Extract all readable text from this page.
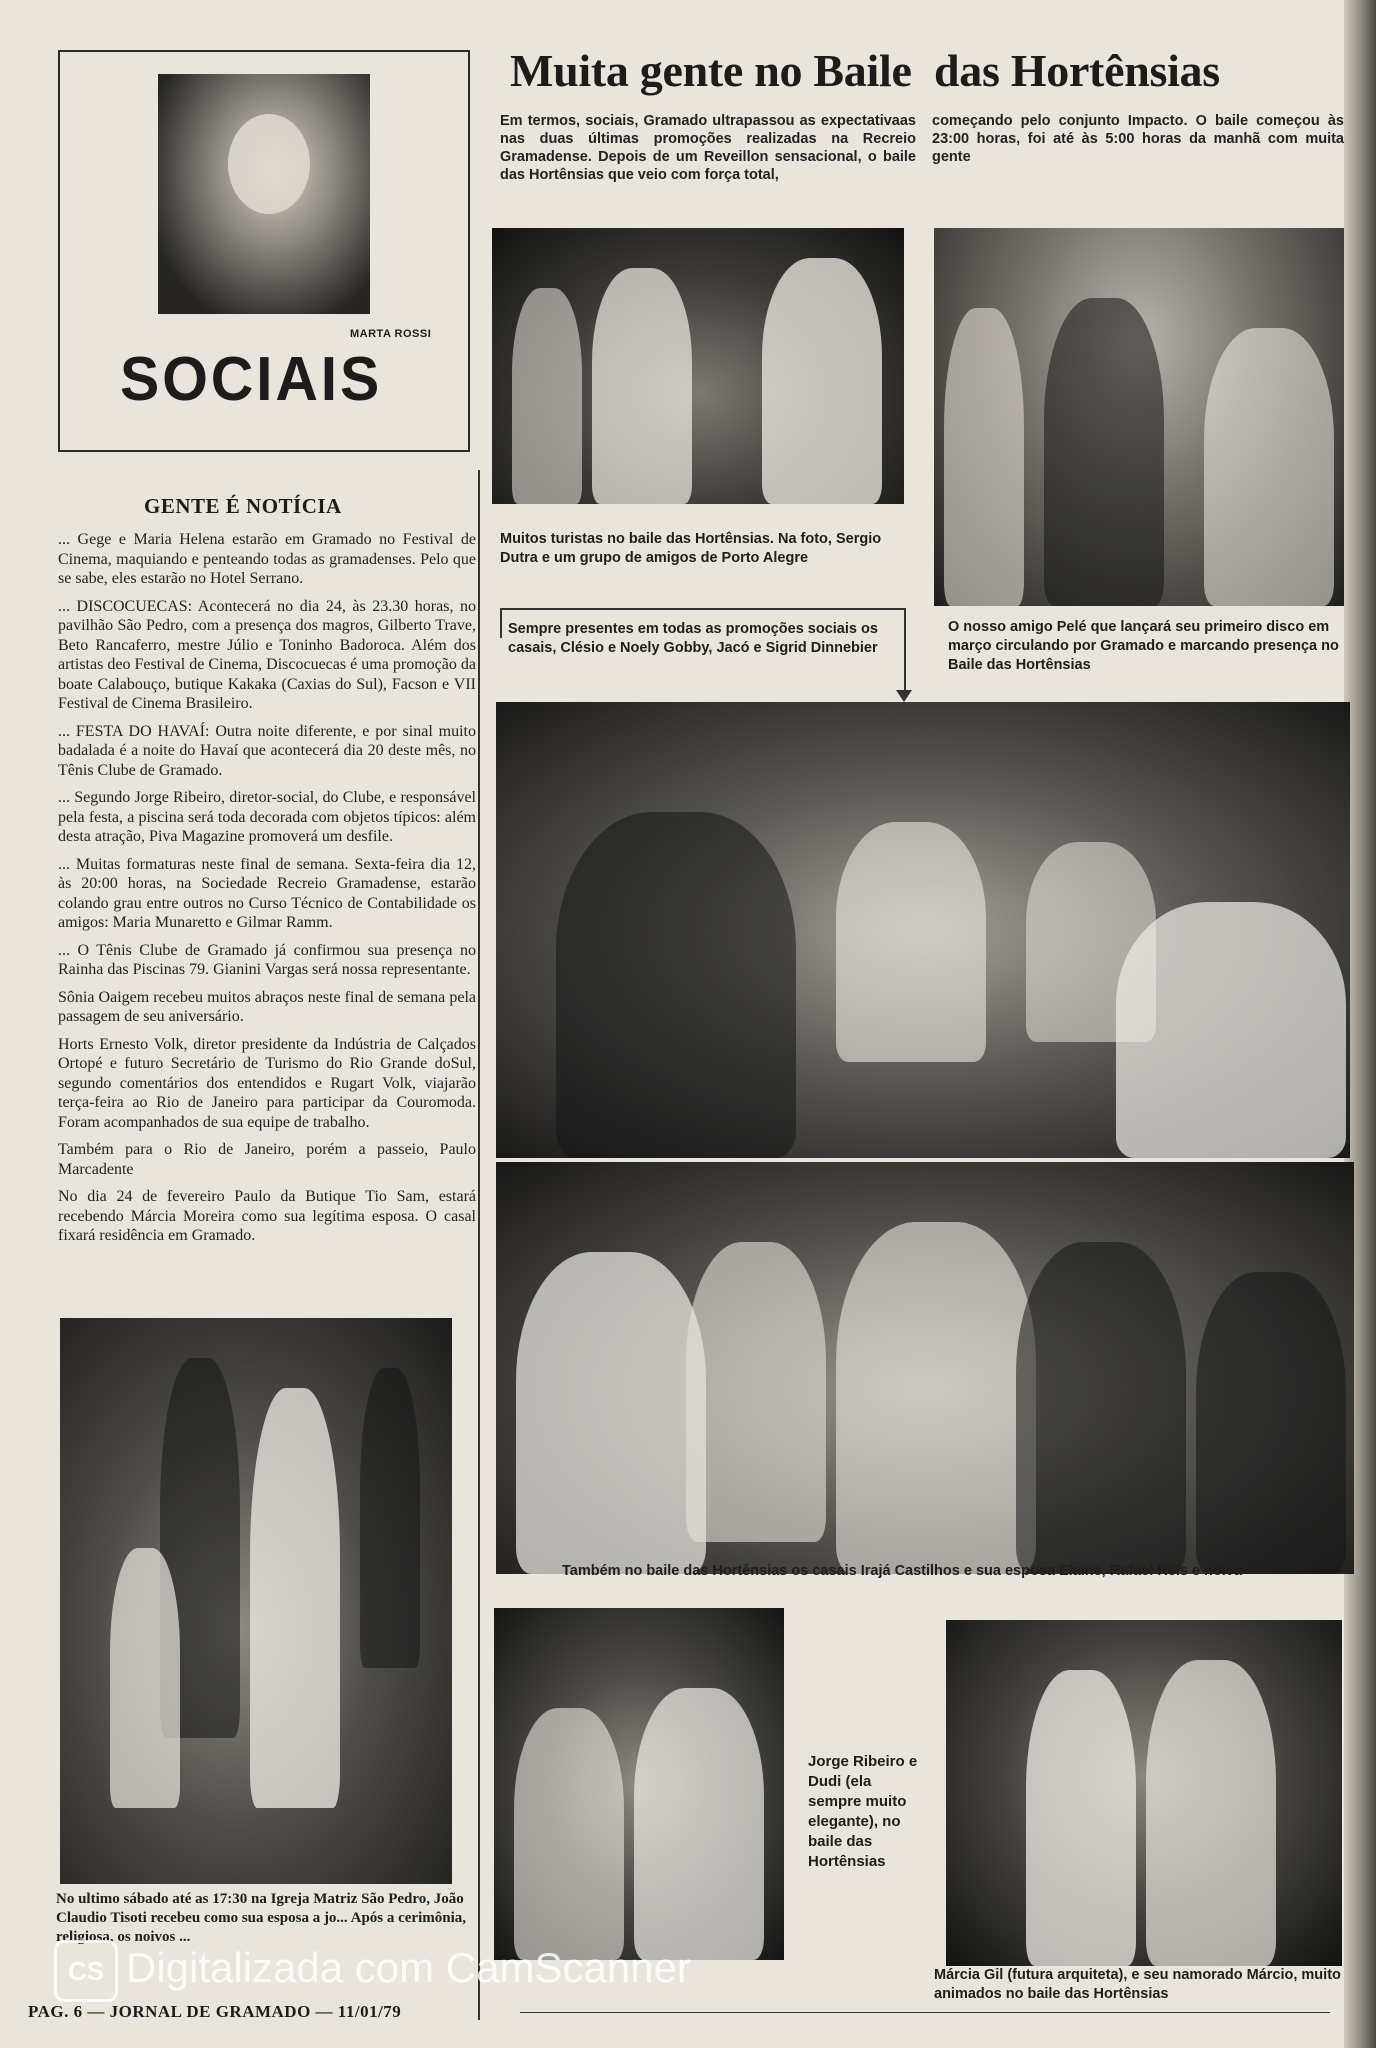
MARTA ROSSI
SOCIAIS
GENTE É NOTÍCIA

... Gege e Maria Helena estarão em Gramado no Festival de Cinema, maquiando e penteando todas as gramadenses. Pelo que se sabe, eles estarão no Hotel Serrano.

... DISCOCUECAS: Acontecerá no dia 24, às 23.30 horas, no pavilhão São Pedro, com a presença dos magros, Gilberto Trave, Beto Rancaferro, mestre Júlio e Toninho Badoroca. Além dos artistas deo Festival de Cinema, Discocuecas é uma promoção da boate Calabouço, butique Kakaka (Caxias do Sul), Facson e VII Festival de Cinema Brasileiro.

... FESTA DO HAVAÍ: Outra noite diferente, e por sinal muito badalada é a noite do Havaí que acontecerá dia 20 deste mês, no Tênis Clube de Gramado.

... Segundo Jorge Ribeiro, diretor-social, do Clube, e responsável pela festa, a piscina será toda decorada com objetos típicos: além desta atração, Piva Magazine promoverá um desfile.

... Muitas formaturas neste final de semana. Sexta-feira dia 12, às 20:00 horas, na Sociedade Recreio Gramadense, estarão colando grau entre outros no Curso Técnico de Contabilidade os amigos: Maria Munaretto e Gilmar Ramm.

... O Tênis Clube de Gramado já confirmou sua presença no Rainha das Piscinas 79. Gianini Vargas será nossa representante.

Sônia Oaigem recebeu muitos abraços neste final de semana pela passagem de seu aniversário.

Horts Ernesto Volk, diretor presidente da Indústria de Calçados Ortopé e futuro Secretário de Turismo do Rio Grande doSul, segundo comentários dos entendidos e Rugart Volk, viajarão terça-feira ao Rio de Janeiro para participar da Couromoda. Foram acompanhados de sua equipe de trabalho.

Também para o Rio de Janeiro, porém a passeio, Paulo Marcadente

No dia 24 de fevereiro Paulo da Butique Tio Sam, estará recebendo Márcia Moreira como sua legítima esposa. O casal fixará residência em Gramado.

No ultimo sábado até as 17:30 na Igreja Matriz São Pedro, João Claudio Tisoti recebeu como sua esposa a jo... Após a cerimônia, religiosa, os noivos ...
Muita gente no Baile  das Hortênsias
Em termos, sociais, Gramado ultrapassou as expectativaas nas duas últimas promoções realizadas na Recreio Gramadense. Depois de um Reveillon sensacional, o baile das Hortênsias que veio com força total,
começando pelo conjunto Impacto. O baile começou às 23:00 horas, foi até às 5:00 horas da manhã com muita gente
Muitos turistas no baile das Hortênsias. Na foto, Sergio Dutra e um grupo de amigos de Porto Alegre
O nosso amigo Pelé que lançará seu primeiro disco em março circulando por Gramado e marcando presença no Baile das Hortênsias
Sempre presentes em todas as promoções sociais os casais, Clésio e Noely Gobby, Jacó e Sigrid Dinnebier
Também no baile das Hortênsias os casais Irajá Castilhos e sua esposa Elaine, Rafael Reis e noiva
Jorge Ribeiro e Dudi (ela sempre muito elegante), no baile das Hortênsias
Márcia Gil (futura arquiteta), e seu namorado Márcio, muito animados no baile das Hortênsias
PAG. 6 — JORNAL DE GRAMADO — 11/01/79
CS Digitalizada com CamScanner
